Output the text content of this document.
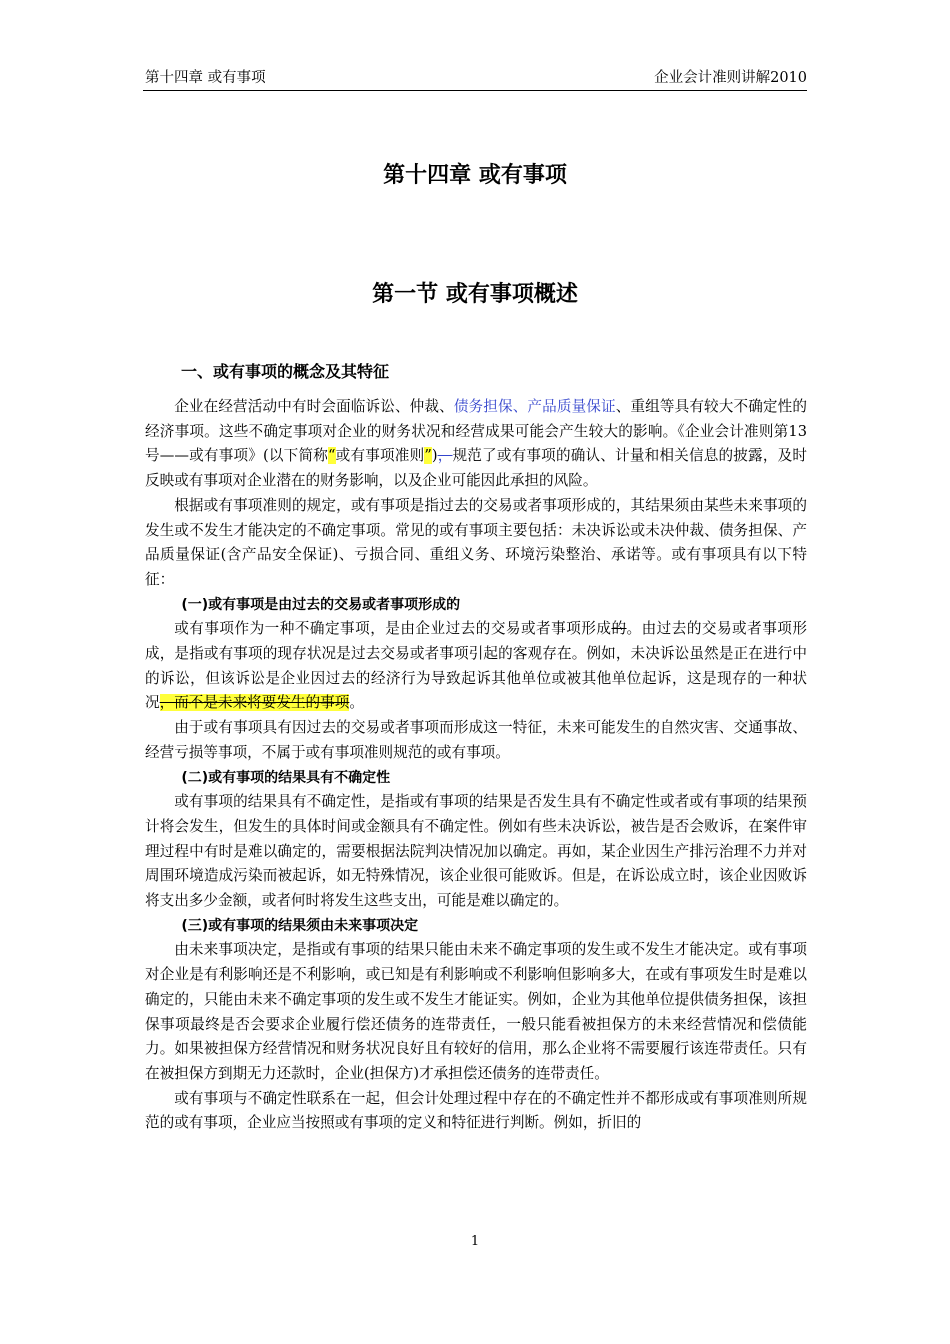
第十四章 或有事项	企业会计准则讲解2010
第十四章 或有事项
第一节 或有事项概述
一、或有事项的概念及其特征

企业在经营活动中有时会面临诉讼、仲裁、债务担保、产品质量保证、重组等具有较大不确定性的经济事项。这些不确定事项对企业的财务状况和经营成果可能会产生较大的影响。《企业会计准则第13号——或有事项》(以下简称“或有事项准则”)，规范了或有事项的确认、计量和相关信息的披露，及时反映或有事项对企业潜在的财务影响，以及企业可能因此承担的风险。

根据或有事项准则的规定，或有事项是指过去的交易或者事项形成的，其结果须由某些未来事项的发生或不发生才能决定的不确定事项。常见的或有事项主要包括：未决诉讼或未决仲裁、债务担保、产品质量保证(含产品安全保证)、亏损合同、重组义务、环境污染整治、承诺等。或有事项具有以下特征：

(一)或有事项是由过去的交易或者事项形成的

或有事项作为一种不确定事项，是由企业过去的交易或者事项形成的。由过去的交易或者事项形成，是指或有事项的现存状况是过去交易或者事项引起的客观存在。例如，未决诉讼虽然是正在进行中的诉讼，但该诉讼是企业因过去的经济行为导致起诉其他单位或被其他单位起诉，这是现存的一种状况，而不是未来将要发生的事项。

由于或有事项具有因过去的交易或者事项而形成这一特征，未来可能发生的自然灾害、交通事故、经营亏损等事项，不属于或有事项准则规范的或有事项。

(二)或有事项的结果具有不确定性

或有事项的结果具有不确定性，是指或有事项的结果是否发生具有不确定性或者或有事项的结果预计将会发生，但发生的具体时间或金额具有不确定性。例如有些未决诉讼，被告是否会败诉，在案件审理过程中有时是难以确定的，需要根据法院判决情况加以确定。再如，某企业因生产排污治理不力并对周围环境造成污染而被起诉，如无特殊情况，该企业很可能败诉。但是，在诉讼成立时，该企业因败诉将支出多少金额，或者何时将发生这些支出，可能是难以确定的。

(三)或有事项的结果须由未来事项决定

由未来事项决定，是指或有事项的结果只能由未来不确定事项的发生或不发生才能决定。或有事项对企业是有利影响还是不利影响，或已知是有利影响或不利影响但影响多大，在或有事项发生时是难以确定的，只能由未来不确定事项的发生或不发生才能证实。例如，企业为其他单位提供债务担保，该担保事项最终是否会要求企业履行偿还债务的连带责任，一般只能看被担保方的未来经营情况和偿债能力。如果被担保方经营情况和财务状况良好且有较好的信用，那么企业将不需要履行该连带责任。只有在被担保方到期无力还款时，企业(担保方)才承担偿还债务的连带责任。

或有事项与不确定性联系在一起，但会计处理过程中存在的不确定性并不都形成或有事项准则所规范的或有事项，企业应当按照或有事项的定义和特征进行判断。例如，折旧的

1
